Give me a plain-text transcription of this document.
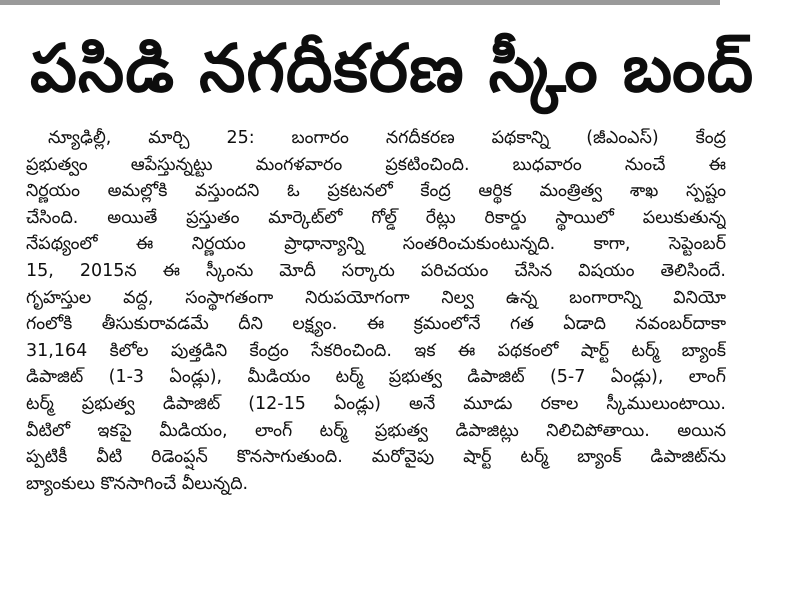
పసిడి నగదీకరణ స్కీం బంద్
న్యూఢిల్లీ, మార్చి 25: బంగారం నగదీకరణ పథకాన్ని (జీఎంఎస్) కేంద్ర
ప్రభుత్వం ఆపేస్తున్నట్టు మంగళవారం ప్రకటించింది. బుధవారం నుంచే ఈ
నిర్ణయం అమల్లోకి వస్తుందని ఓ ప్రకటనలో కేంద్ర ఆర్థిక మంత్రిత్వ శాఖ స్పష్టం
చేసింది. అయితే ప్రస్తుతం మార్కెట్‌లో గోల్డ్ రేట్లు రికార్డు స్థాయిలో పలుకుతున్న
నేపథ్యంలో ఈ నిర్ణయం ప్రాధాన్యాన్ని సంతరించుకుంటున్నది. కాగా, సెప్టెంబర్
15, 2015న ఈ స్కీంను మోదీ సర్కారు పరిచయం చేసిన విషయం తెలిసిందే.
గృహస్తుల వద్ద, సంస్థాగతంగా నిరుపయోగంగా నిల్వ ఉన్న బంగారాన్ని వినియో
గంలోకి తీసుకురావడమే దీని లక్ష్యం. ఈ క్రమంలోనే గత ఏడాది నవంబర్‌దాకా
31,164 కిలోల పుత్తడిని కేంద్రం సేకరించింది. ఇక ఈ పథకంలో షార్ట్ టర్మ్ బ్యాంక్
డిపాజిట్ (1-3 ఏండ్లు), మీడియం టర్మ్ ప్రభుత్వ డిపాజిట్ (5-7 ఏండ్లు), లాంగ్
టర్మ్ ప్రభుత్వ డిపాజిట్ (12-15 ఏండ్లు) అనే మూడు రకాల స్కీములుంటాయి.
వీటిలో ఇకపై మీడియం, లాంగ్ టర్మ్ ప్రభుత్వ డిపాజిట్లు నిలిచిపోతాయి. అయిన
ప్పటికీ వీటి రిడెంప్షన్ కొనసాగుతుంది. మరోవైపు షార్ట్ టర్మ్ బ్యాంక్ డిపాజిట్‌ను
బ్యాంకులు కొనసాగించే వీలున్నది.
